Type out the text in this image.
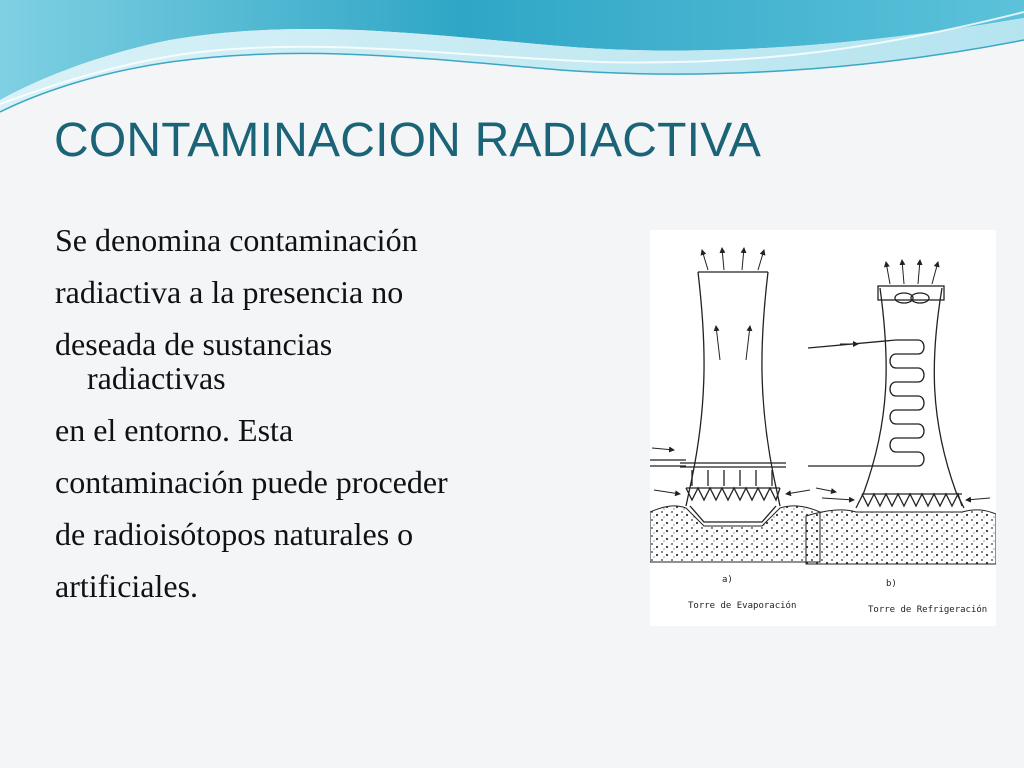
CONTAMINACION RADIACTIVA
Se denomina contaminación
radiactiva a la presencia no
deseada de sustancias
radiactivas
en el entorno. Esta
contaminación puede proceder
de radioisótopos naturales o
artificiales.	a)	b)
Torre de Evaporación	Torre de Refrigeración
